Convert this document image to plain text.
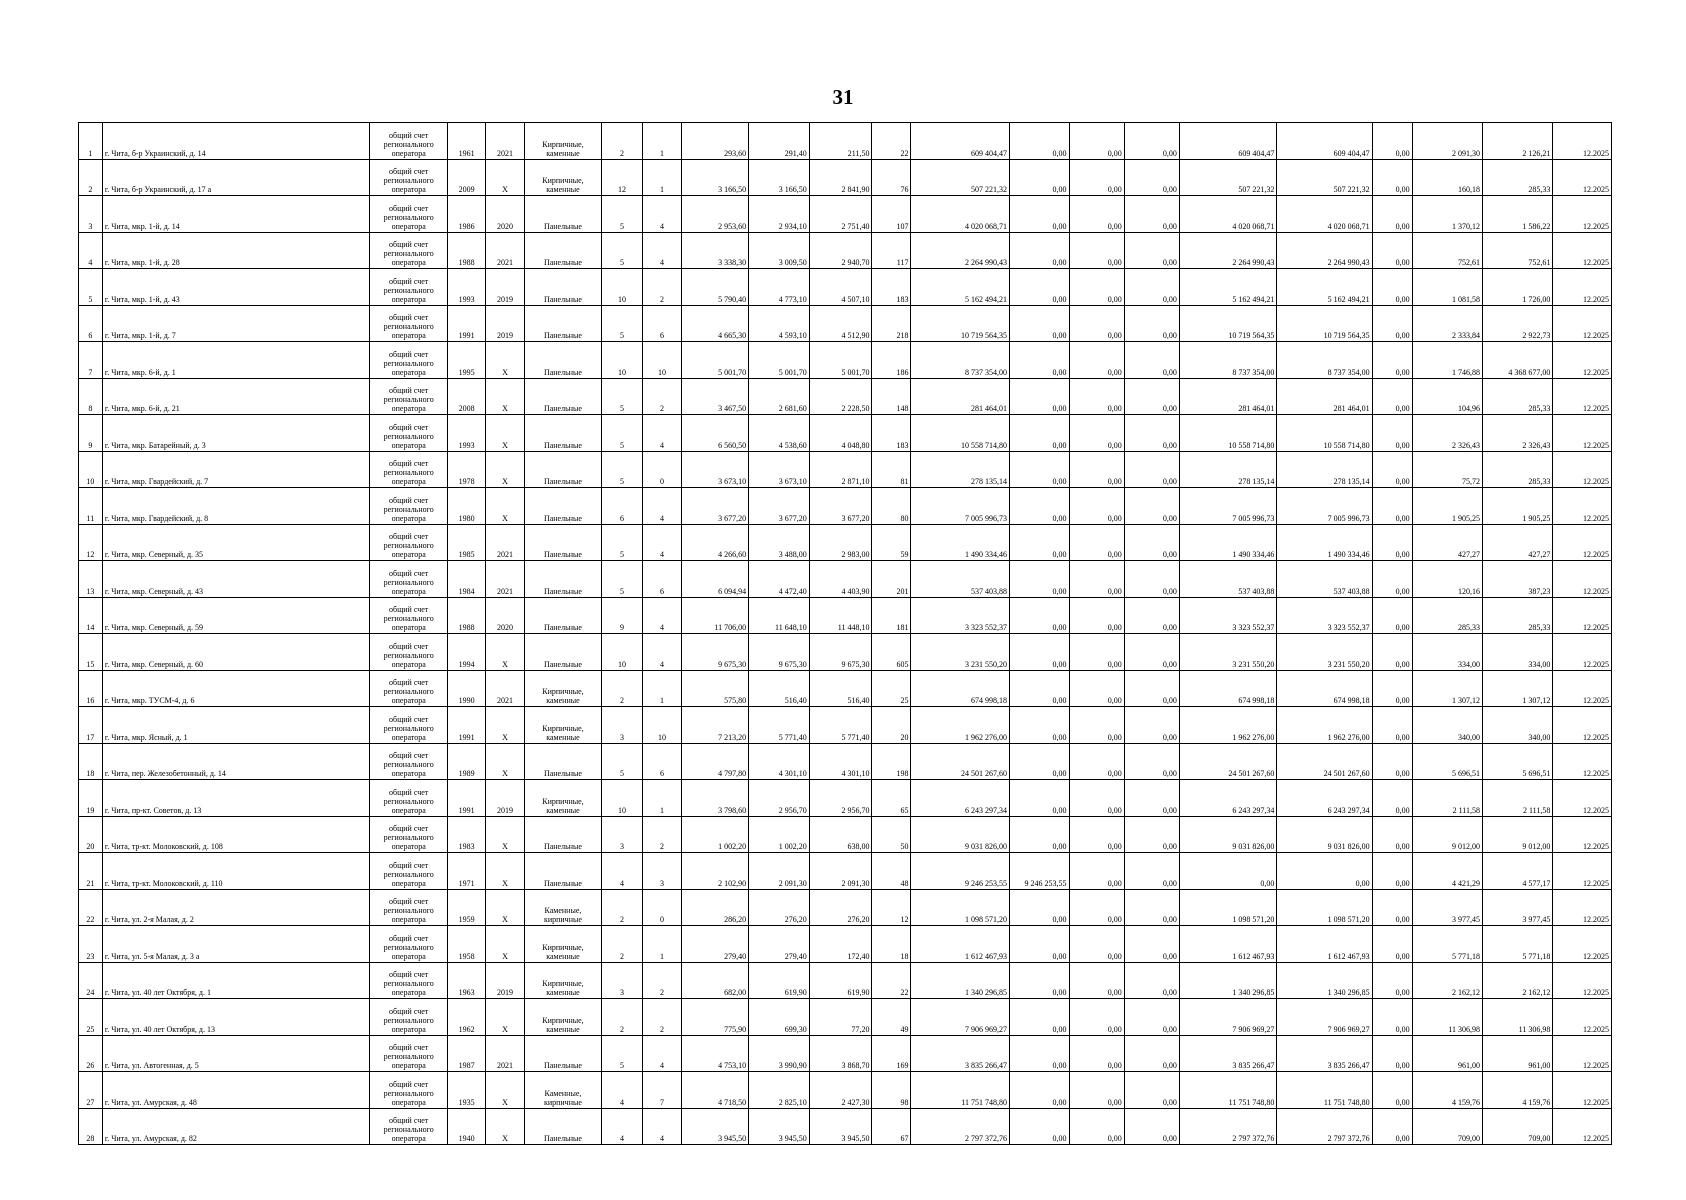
31
1	г. Чита, б-р Украинский, д. 14	общий счет регионального оператора	1961	2021	Кирпичные, каменные	2	1	293,60	291,40	211,50	22	609 404,47	0,00	0,00	0,00	609 404,47	609 404,47	0,00	2 091,30	2 126,21	12.2025
2	г. Чита, б-р Украинский, д. 17 а	общий счет регионального оператора	2009	Х	Кирпичные, каменные	12	1	3 166,50	3 166,50	2 841,90	76	507 221,32	0,00	0,00	0,00	507 221,32	507 221,32	0,00	160,18	285,33	12.2025
3	г. Чита, мкр. 1-й, д. 14	общий счет регионального оператора	1986	2020	Панельные	5	4	2 953,60	2 934,10	2 751,40	107	4 020 068,71	0,00	0,00	0,00	4 020 068,71	4 020 068,71	0,00	1 370,12	1 586,22	12.2025
4	г. Чита, мкр. 1-й, д. 28	общий счет регионального оператора	1988	2021	Панельные	5	4	3 338,30	3 009,50	2 940,70	117	2 264 990,43	0,00	0,00	0,00	2 264 990,43	2 264 990,43	0,00	752,61	752,61	12.2025
5	г. Чита, мкр. 1-й, д. 43	общий счет регионального оператора	1993	2019	Панельные	10	2	5 790,40	4 773,10	4 507,10	183	5 162 494,21	0,00	0,00	0,00	5 162 494,21	5 162 494,21	0,00	1 081,58	1 726,00	12.2025
6	г. Чита, мкр. 1-й, д. 7	общий счет регионального оператора	1991	2019	Панельные	5	6	4 665,30	4 593,10	4 512,90	218	10 719 564,35	0,00	0,00	0,00	10 719 564,35	10 719 564,35	0,00	2 333,84	2 922,73	12.2025
7	г. Чита, мкр. 6-й, д. 1	общий счет регионального оператора	1995	Х	Панельные	10	10	5 001,70	5 001,70	5 001,70	186	8 737 354,00	0,00	0,00	0,00	8 737 354,00	8 737 354,00	0,00	1 746,88	4 368 677,00	12.2025
8	г. Чита, мкр. 6-й, д. 21	общий счет регионального оператора	2008	Х	Панельные	5	2	3 467,50	2 681,60	2 228,50	148	281 464,01	0,00	0,00	0,00	281 464,01	281 464,01	0,00	104,96	285,33	12.2025
9	г. Чита, мкр. Батарейный, д. 3	общий счет регионального оператора	1993	Х	Панельные	5	4	6 560,50	4 538,60	4 048,80	183	10 558 714,80	0,00	0,00	0,00	10 558 714,80	10 558 714,80	0,00	2 326,43	2 326,43	12.2025
10	г. Чита, мкр. Гвардейский, д. 7	общий счет регионального оператора	1978	Х	Панельные	5	0	3 673,10	3 673,10	2 871,10	81	278 135,14	0,00	0,00	0,00	278 135,14	278 135,14	0,00	75,72	285,33	12.2025
11	г. Чита, мкр. Гвардейский, д. 8	общий счет регионального оператора	1980	Х	Панельные	6	4	3 677,20	3 677,20	3 677,20	80	7 005 996,73	0,00	0,00	0,00	7 005 996,73	7 005 996,73	0,00	1 905,25	1 905,25	12.2025
12	г. Чита, мкр. Северный, д. 35	общий счет регионального оператора	1985	2021	Панельные	5	4	4 266,60	3 488,00	2 983,00	59	1 490 334,46	0,00	0,00	0,00	1 490 334,46	1 490 334,46	0,00	427,27	427,27	12.2025
13	г. Чита, мкр. Северный, д. 43	общий счет регионального оператора	1984	2021	Панельные	5	6	6 094,94	4 472,40	4 403,90	201	537 403,88	0,00	0,00	0,00	537 403,88	537 403,88	0,00	120,16	387,23	12.2025
14	г. Чита, мкр. Северный, д. 59	общий счет регионального оператора	1988	2020	Панельные	9	4	11 706,00	11 648,10	11 448,10	181	3 323 552,37	0,00	0,00	0,00	3 323 552,37	3 323 552,37	0,00	285,33	285,33	12.2025
15	г. Чита, мкр. Северный, д. 60	общий счет регионального оператора	1994	Х	Панельные	10	4	9 675,30	9 675,30	9 675,30	605	3 231 550,20	0,00	0,00	0,00	3 231 550,20	3 231 550,20	0,00	334,00	334,00	12.2025
16	г. Чита, мкр. ТУСМ-4, д. 6	общий счет регионального оператора	1990	2021	Кирпичные, каменные	2	1	575,80	516,40	516,40	25	674 998,18	0,00	0,00	0,00	674 998,18	674 998,18	0,00	1 307,12	1 307,12	12.2025
17	г. Чита, мкр. Ясный, д. 1	общий счет регионального оператора	1991	Х	Кирпичные, каменные	3	10	7 213,20	5 771,40	5 771,40	20	1 962 276,00	0,00	0,00	0,00	1 962 276,00	1 962 276,00	0,00	340,00	340,00	12.2025
18	г. Чита, пер. Железобетонный, д. 14	общий счет регионального оператора	1989	Х	Панельные	5	6	4 797,80	4 301,10	4 301,10	198	24 501 267,60	0,00	0,00	0,00	24 501 267,60	24 501 267,60	0,00	5 696,51	5 696,51	12.2025
19	г. Чита, пр-кт. Советов, д. 13	общий счет регионального оператора	1991	2019	Кирпичные, каменные	10	1	3 798,60	2 956,70	2 956,70	65	6 243 297,34	0,00	0,00	0,00	6 243 297,34	6 243 297,34	0,00	2 111,58	2 111,58	12.2025
20	г. Чита, тр-кт. Молоковский, д. 108	общий счет регионального оператора	1983	Х	Панельные	3	2	1 002,20	1 002,20	638,00	50	9 031 826,00	0,00	0,00	0,00	9 031 826,00	9 031 826,00	0,00	9 012,00	9 012,00	12.2025
21	г. Чита, тр-кт. Молоковский, д. 110	общий счет регионального оператора	1971	Х	Панельные	4	3	2 102,90	2 091,30	2 091,30	48	9 246 253,55	9 246 253,55	0,00	0,00	0,00	0,00	0,00	4 421,29	4 577,17	12.2025
22	г. Чита, ул. 2-я Малая, д. 2	общий счет регионального оператора	1959	Х	Каменные, кирпичные	2	0	286,20	276,20	276,20	12	1 098 571,20	0,00	0,00	0,00	1 098 571,20	1 098 571,20	0,00	3 977,45	3 977,45	12.2025
23	г. Чита, ул. 5-я Малая, д. 3 а	общий счет регионального оператора	1958	Х	Кирпичные, каменные	2	1	279,40	279,40	172,40	18	1 612 467,93	0,00	0,00	0,00	1 612 467,93	1 612 467,93	0,00	5 771,18	5 771,18	12.2025
24	г. Чита, ул. 40 лет Октября, д. 1	общий счет регионального оператора	1963	2019	Кирпичные, каменные	3	2	682,00	619,90	619,90	22	1 340 296,85	0,00	0,00	0,00	1 340 296,85	1 340 296,85	0,00	2 162,12	2 162,12	12.2025
25	г. Чита, ул. 40 лет Октября, д. 13	общий счет регионального оператора	1962	Х	Кирпичные, каменные	2	2	775,90	699,30	77,20	49	7 906 969,27	0,00	0,00	0,00	7 906 969,27	7 906 969,27	0,00	11 306,98	11 306,98	12.2025
26	г. Чита, ул. Автогенная, д. 5	общий счет регионального оператора	1987	2021	Панельные	5	4	4 753,10	3 990,90	3 868,70	169	3 835 266,47	0,00	0,00	0,00	3 835 266,47	3 835 266,47	0,00	961,00	961,00	12.2025
27	г. Чита, ул. Амурская, д. 48	общий счет регионального оператора	1935	Х	Каменные, кирпичные	4	7	4 718,50	2 825,10	2 427,30	98	11 751 748,80	0,00	0,00	0,00	11 751 748,80	11 751 748,80	0,00	4 159,76	4 159,76	12.2025
28	г. Чита, ул. Амурская, д. 82	общий счет регионального оператора	1940	Х	Панельные	4	4	3 945,50	3 945,50	3 945,50	67	2 797 372,76	0,00	0,00	0,00	2 797 372,76	2 797 372,76	0,00	709,00	709,00	12.2025
